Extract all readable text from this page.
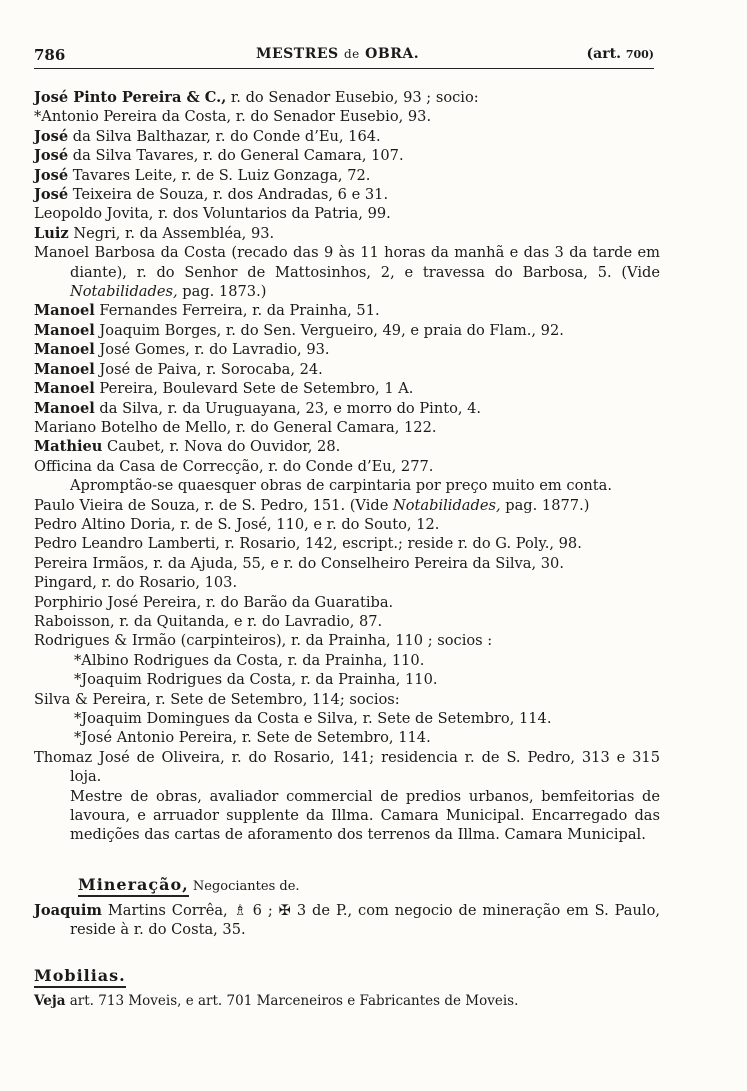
786	MESTRES de OBRA.	(art. 700)
José Pinto Pereira & C., r. do Senador Eusebio, 93 ; socio:
*Antonio Pereira da Costa, r. do Senador Eusebio, 93.
José da Silva Balthazar, r. do Conde d’Eu, 164.
José da Silva Tavares, r. do General Camara, 107.
José Tavares Leite, r. de S. Luiz Gonzaga, 72.
José Teixeira de Souza, r. dos Andradas, 6 e 31.
Leopoldo Jovita, r. dos Voluntarios da Patria, 99.
Luiz Negri, r. da Assembléa, 93.
Manoel Barbosa da Costa (recado das 9 às 11 horas da manhã e das 3 da tarde em diante), r. do Senhor de Mattosinhos, 2, e travessa do Barbosa, 5. (Vide Notabilidades, pag. 1873.)
Manoel Fernandes Ferreira, r. da Prainha, 51.
Manoel Joaquim Borges, r. do Sen. Vergueiro, 49, e praia do Flam., 92.
Manoel José Gomes, r. do Lavradio, 93.
Manoel José de Paiva, r. Sorocaba, 24.
Manoel Pereira, Boulevard Sete de Setembro, 1 A.
Manoel da Silva, r. da Uruguayana, 23, e morro do Pinto, 4.
Mariano Botelho de Mello, r. do General Camara, 122.
Mathieu Caubet, r. Nova do Ouvidor, 28.
Officina da Casa de Correcção, r. do Conde d’Eu, 277.
Apromptão-se quaesquer obras de carpintaria por preço muito em conta.
Paulo Vieira de Souza, r. de S. Pedro, 151. (Vide Notabilidades, pag. 1877.)
Pedro Altino Doria, r. de S. José, 110, e r. do Souto, 12.
Pedro Leandro Lamberti, r. Rosario, 142, escript.; reside r. do G. Poly., 98.
Pereira Irmãos, r. da Ajuda, 55, e r. do Conselheiro Pereira da Silva, 30.
Pingard, r. do Rosario, 103.
Porphirio José Pereira, r. do Barão da Guaratiba.
Raboisson, r. da Quitanda, e r. do Lavradio, 87.
Rodrigues & Irmão (carpinteiros), r. da Prainha, 110 ; socios :
*Albino Rodrigues da Costa, r. da Prainha, 110.
*Joaquim Rodrigues da Costa, r. da Prainha, 110.
Silva & Pereira, r. Sete de Setembro, 114; socios:
*Joaquim Domingues da Costa e Silva, r. Sete de Setembro, 114.
*José Antonio Pereira, r. Sete de Setembro, 114.
Thomaz José de Oliveira, r. do Rosario, 141; residencia r. de S. Pedro, 313 e 315 loja.
Mestre de obras, avaliador commercial de predios urbanos, bemfeitorias de lavoura, e arruador supplente da Illma. Camara Municipal. Encarregado das medições das cartas de aforamento dos terrenos da Illma. Camara Municipal.
Mineração, Negociantes de.
Joaquim Martins Corrêa, ♗ 6 ; ✠ 3 de P., com negocio de mineração em S. Paulo, reside à r. do Costa, 35.
Mobilias.
Veja art. 713 Moveis, e art. 701 Marceneiros e Fabricantes de Moveis.
